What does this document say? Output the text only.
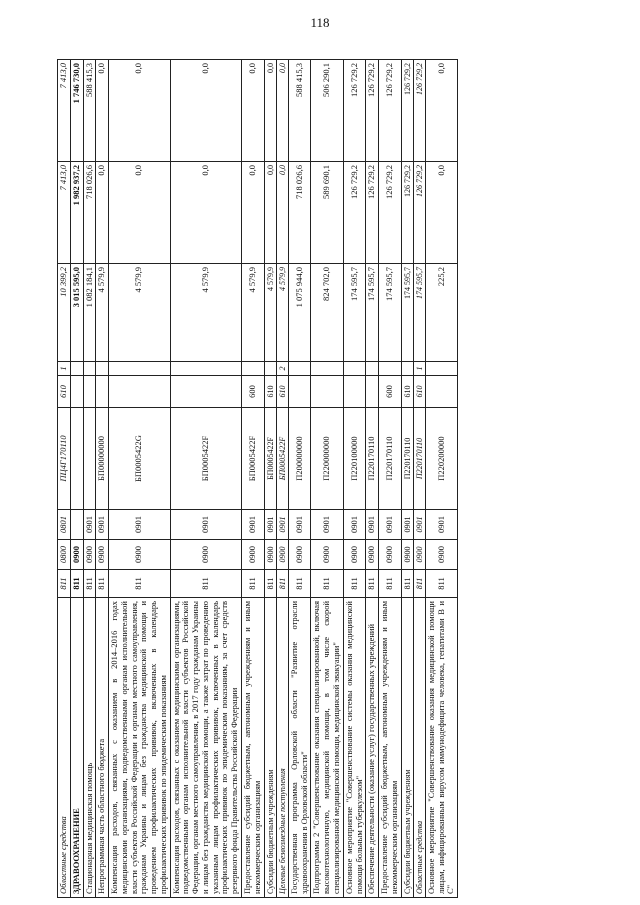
118
Областные средства	811	0800	0801	ПЦ4Г170110	610	1	10 399,2	7 413,0	7 413,0
ЗДРАВООХРАНЕНИЕ	811	0900					3 015 595,0	1 982 937,2	1 746 730,0
Стационарная медицинская помощь	811	0900	0901				1 082 184,1	718 026,6	588 415,3
Непрограммная часть областного бюджета	811	0900	0901	БП00000000			4 579,9	0,0	0,0
Компенсация расходов, связанных с оказанием в 2014–2016 годах медицинскими организациями, подведомственными органам исполнительной власти субъектов Российской Федерации и органам местного самоуправления, гражданам Украины и лицам без гражданства медицинской помощи и проведением профилактических прививок, включенных в календарь профилактических прививок по эпидемическим показаниям	811	0900	0901	БП0005422G			4 579,9	0,0	0,0
Компенсация расходов, связанных с оказанием медицинскими организациями, подведомственными органам исполнительной власти субъектов Российской Федерации, органам местного самоуправления, в 2017 году гражданам Украины и лицам без гражданства медицинской помощи, а также затрат по проведению указанным лицам профилактических прививок, включенных в календарь профилактических прививок по эпидемическим показаниям, за счет средств резервного фонда Правительства Российской Федерации	811	0900	0901	БП0005422F			4 579,9	0,0	0,0
Предоставление субсидий бюджетным, автономным учреждениям и иным некоммерческим организациям	811	0900	0901	БП0005422F	600		4 579,9	0,0	0,0
Субсидии бюджетным учреждениям	811	0900	0901	БП0005422F	610		4 579,9	0,0	0,0
Целевые безвозмездные поступления	811	0900	0901	БП0005422F	610	2	4 579,9	0,0	0,0
Государственная программа Орловской области "Развитие отрасли здравоохранения в Орловской области"	811	0900	0901	П200000000			1 075 944,0	718 026,6	588 415,3
Подпрограмма 2 "Совершенствование оказания специализированной, включая высокотехнологичную, медицинской помощи, в том числе скорой специализированной медицинской помощи, медицинской эвакуации"	811	0900	0901	П220000000			824 702,0	589 690,1	506 290,1
Основное мероприятие "Совершенствование системы оказания медицинской помощи больным туберкулезом"	811	0900	0901	П220100000			174 595,7	126 729,2	126 729,2
Обеспечение деятельности (оказание услуг) государственных учреждений	811	0900	0901	П220170110			174 595,7	126 729,2	126 729,2
Предоставление субсидий бюджетным, автономным учреждениям и иным некоммерческим организациям	811	0900	0901	П220170110	600		174 595,7	126 729,2	126 729,2
Субсидии бюджетным учреждениям	811	0900	0901	П220170110	610		174 595,7	126 729,2	126 729,2
Областные средства	811	0900	0901	П220170110	610	1	174 595,7	126 729,2	126 729,2
Основное мероприятие "Совершенствование оказания медицинской помощи лицам, инфицированным вирусом иммунодефицита человека, гепатитами В и С"	811	0900	0901	П220200000			225,2	0,0	0,0
